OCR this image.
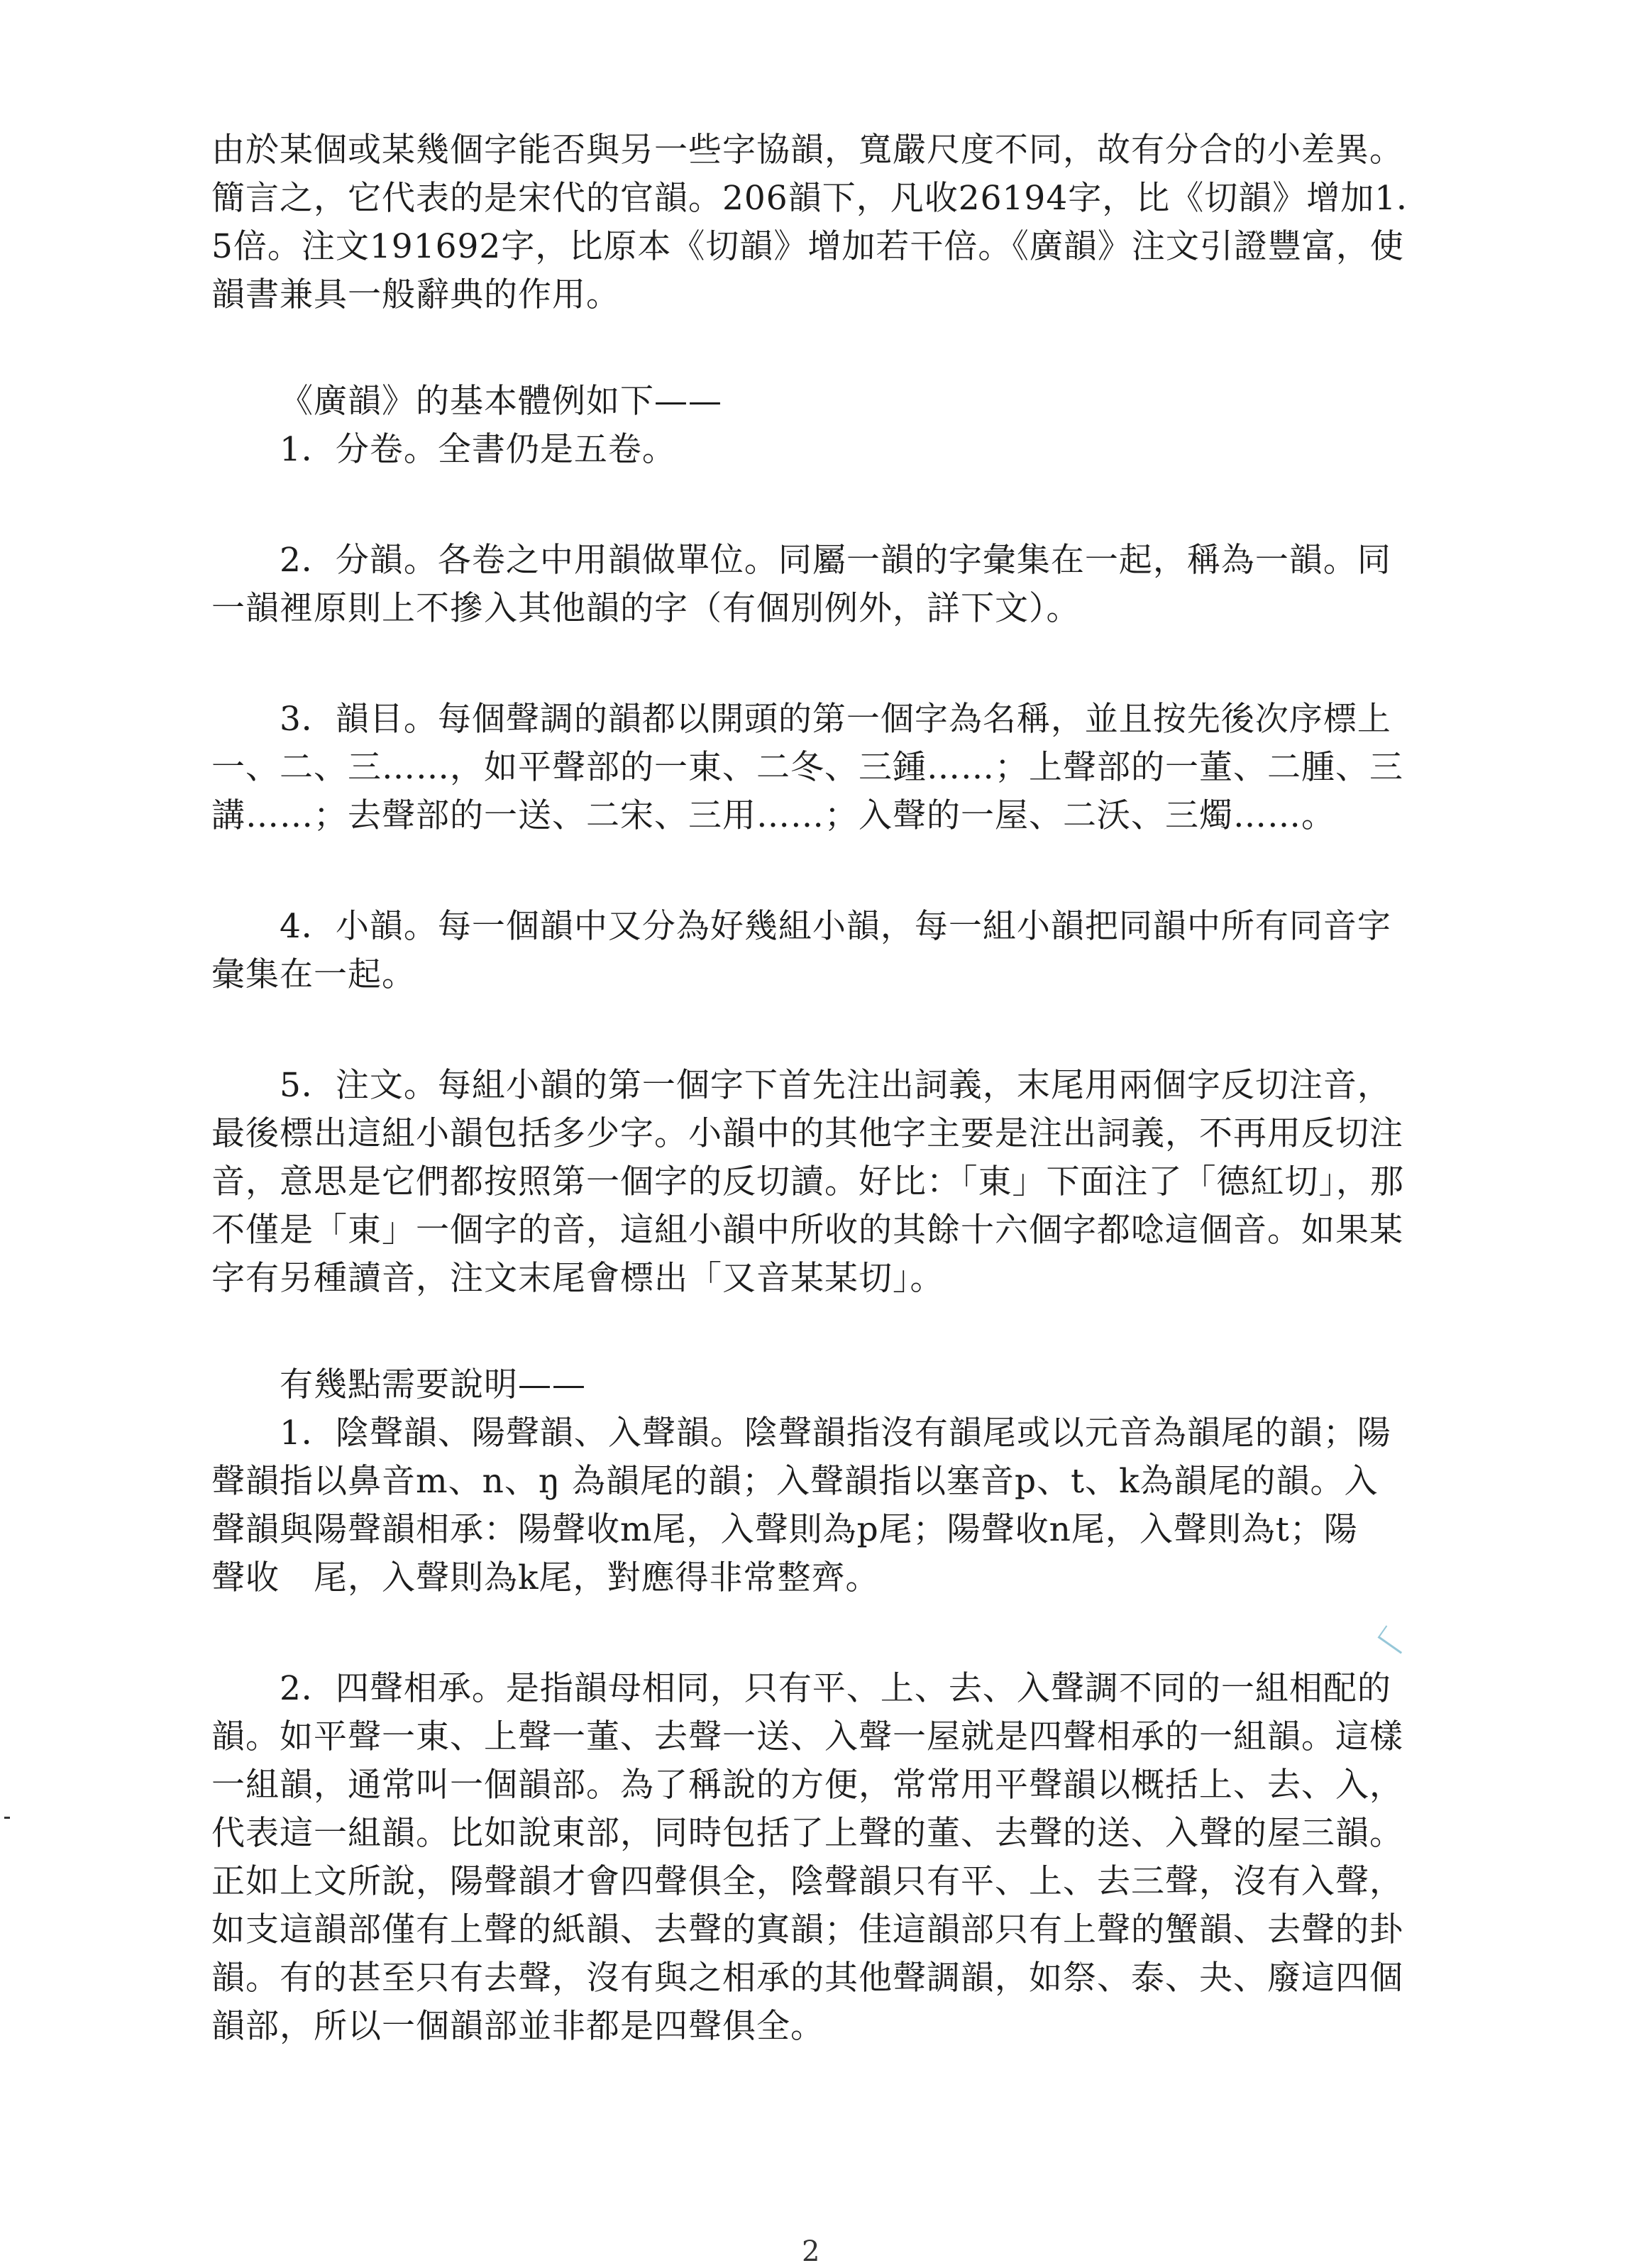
由於某個或某幾個字能否與另一些字協韻，寬嚴尺度不同，故有分合的小差異。
簡言之，它代表的是宋代的官韻。206韻下，凡收26194字，比《切韻》增加1．
5倍。注文191692字，比原本《切韻》增加若干倍。《廣韻》注文引證豐富，使
韻書兼具一般辭典的作用。
《廣韻》的基本體例如下——
1．分卷。全書仍是五卷。
2．分韻。各卷之中用韻做單位。同屬一韻的字彙集在一起，稱為一韻。同
一韻裡原則上不摻入其他韻的字（有個別例外，詳下文）。
3．韻目。每個聲調的韻都以開頭的第一個字為名稱，並且按先後次序標上
一、二、三……，如平聲部的一東、二冬、三鍾……；上聲部的一董、二腫、三
講……；去聲部的一送、二宋、三用……；入聲的一屋、二沃、三燭……。
4．小韻。每一個韻中又分為好幾組小韻，每一組小韻把同韻中所有同音字
彙集在一起。
5．注文。每組小韻的第一個字下首先注出詞義，末尾用兩個字反切注音，
最後標出這組小韻包括多少字。小韻中的其他字主要是注出詞義，不再用反切注
音，意思是它們都按照第一個字的反切讀。好比：「東」下面注了「德紅切」，那
不僅是「東」一個字的音，這組小韻中所收的其餘十六個字都唸這個音。如果某
字有另種讀音，注文末尾會標出「又音某某切」。
有幾點需要說明——
1．陰聲韻、陽聲韻、入聲韻。陰聲韻指沒有韻尾或以元音為韻尾的韻；陽
聲韻指以鼻音m、n、ŋ 為韻尾的韻；入聲韻指以塞音p、t、k為韻尾的韻。入
聲韻與陽聲韻相承：陽聲收m尾，入聲則為p尾；陽聲收n尾，入聲則為t；陽
聲收　尾，入聲則為k尾，對應得非常整齊。
2．四聲相承。是指韻母相同，只有平、上、去、入聲調不同的一組相配的
韻。如平聲一東、上聲一董、去聲一送、入聲一屋就是四聲相承的一組韻。這樣
一組韻，通常叫一個韻部。為了稱說的方便，常常用平聲韻以概括上、去、入，
代表這一組韻。比如說東部，同時包括了上聲的董、去聲的送、入聲的屋三韻。
正如上文所說，陽聲韻才會四聲俱全，陰聲韻只有平、上、去三聲，沒有入聲，
如支這韻部僅有上聲的紙韻、去聲的寘韻；佳這韻部只有上聲的蟹韻、去聲的卦
韻。有的甚至只有去聲，沒有與之相承的其他聲調韻，如祭、泰、夬、廢這四個
韻部，所以一個韻部並非都是四聲俱全。
2
